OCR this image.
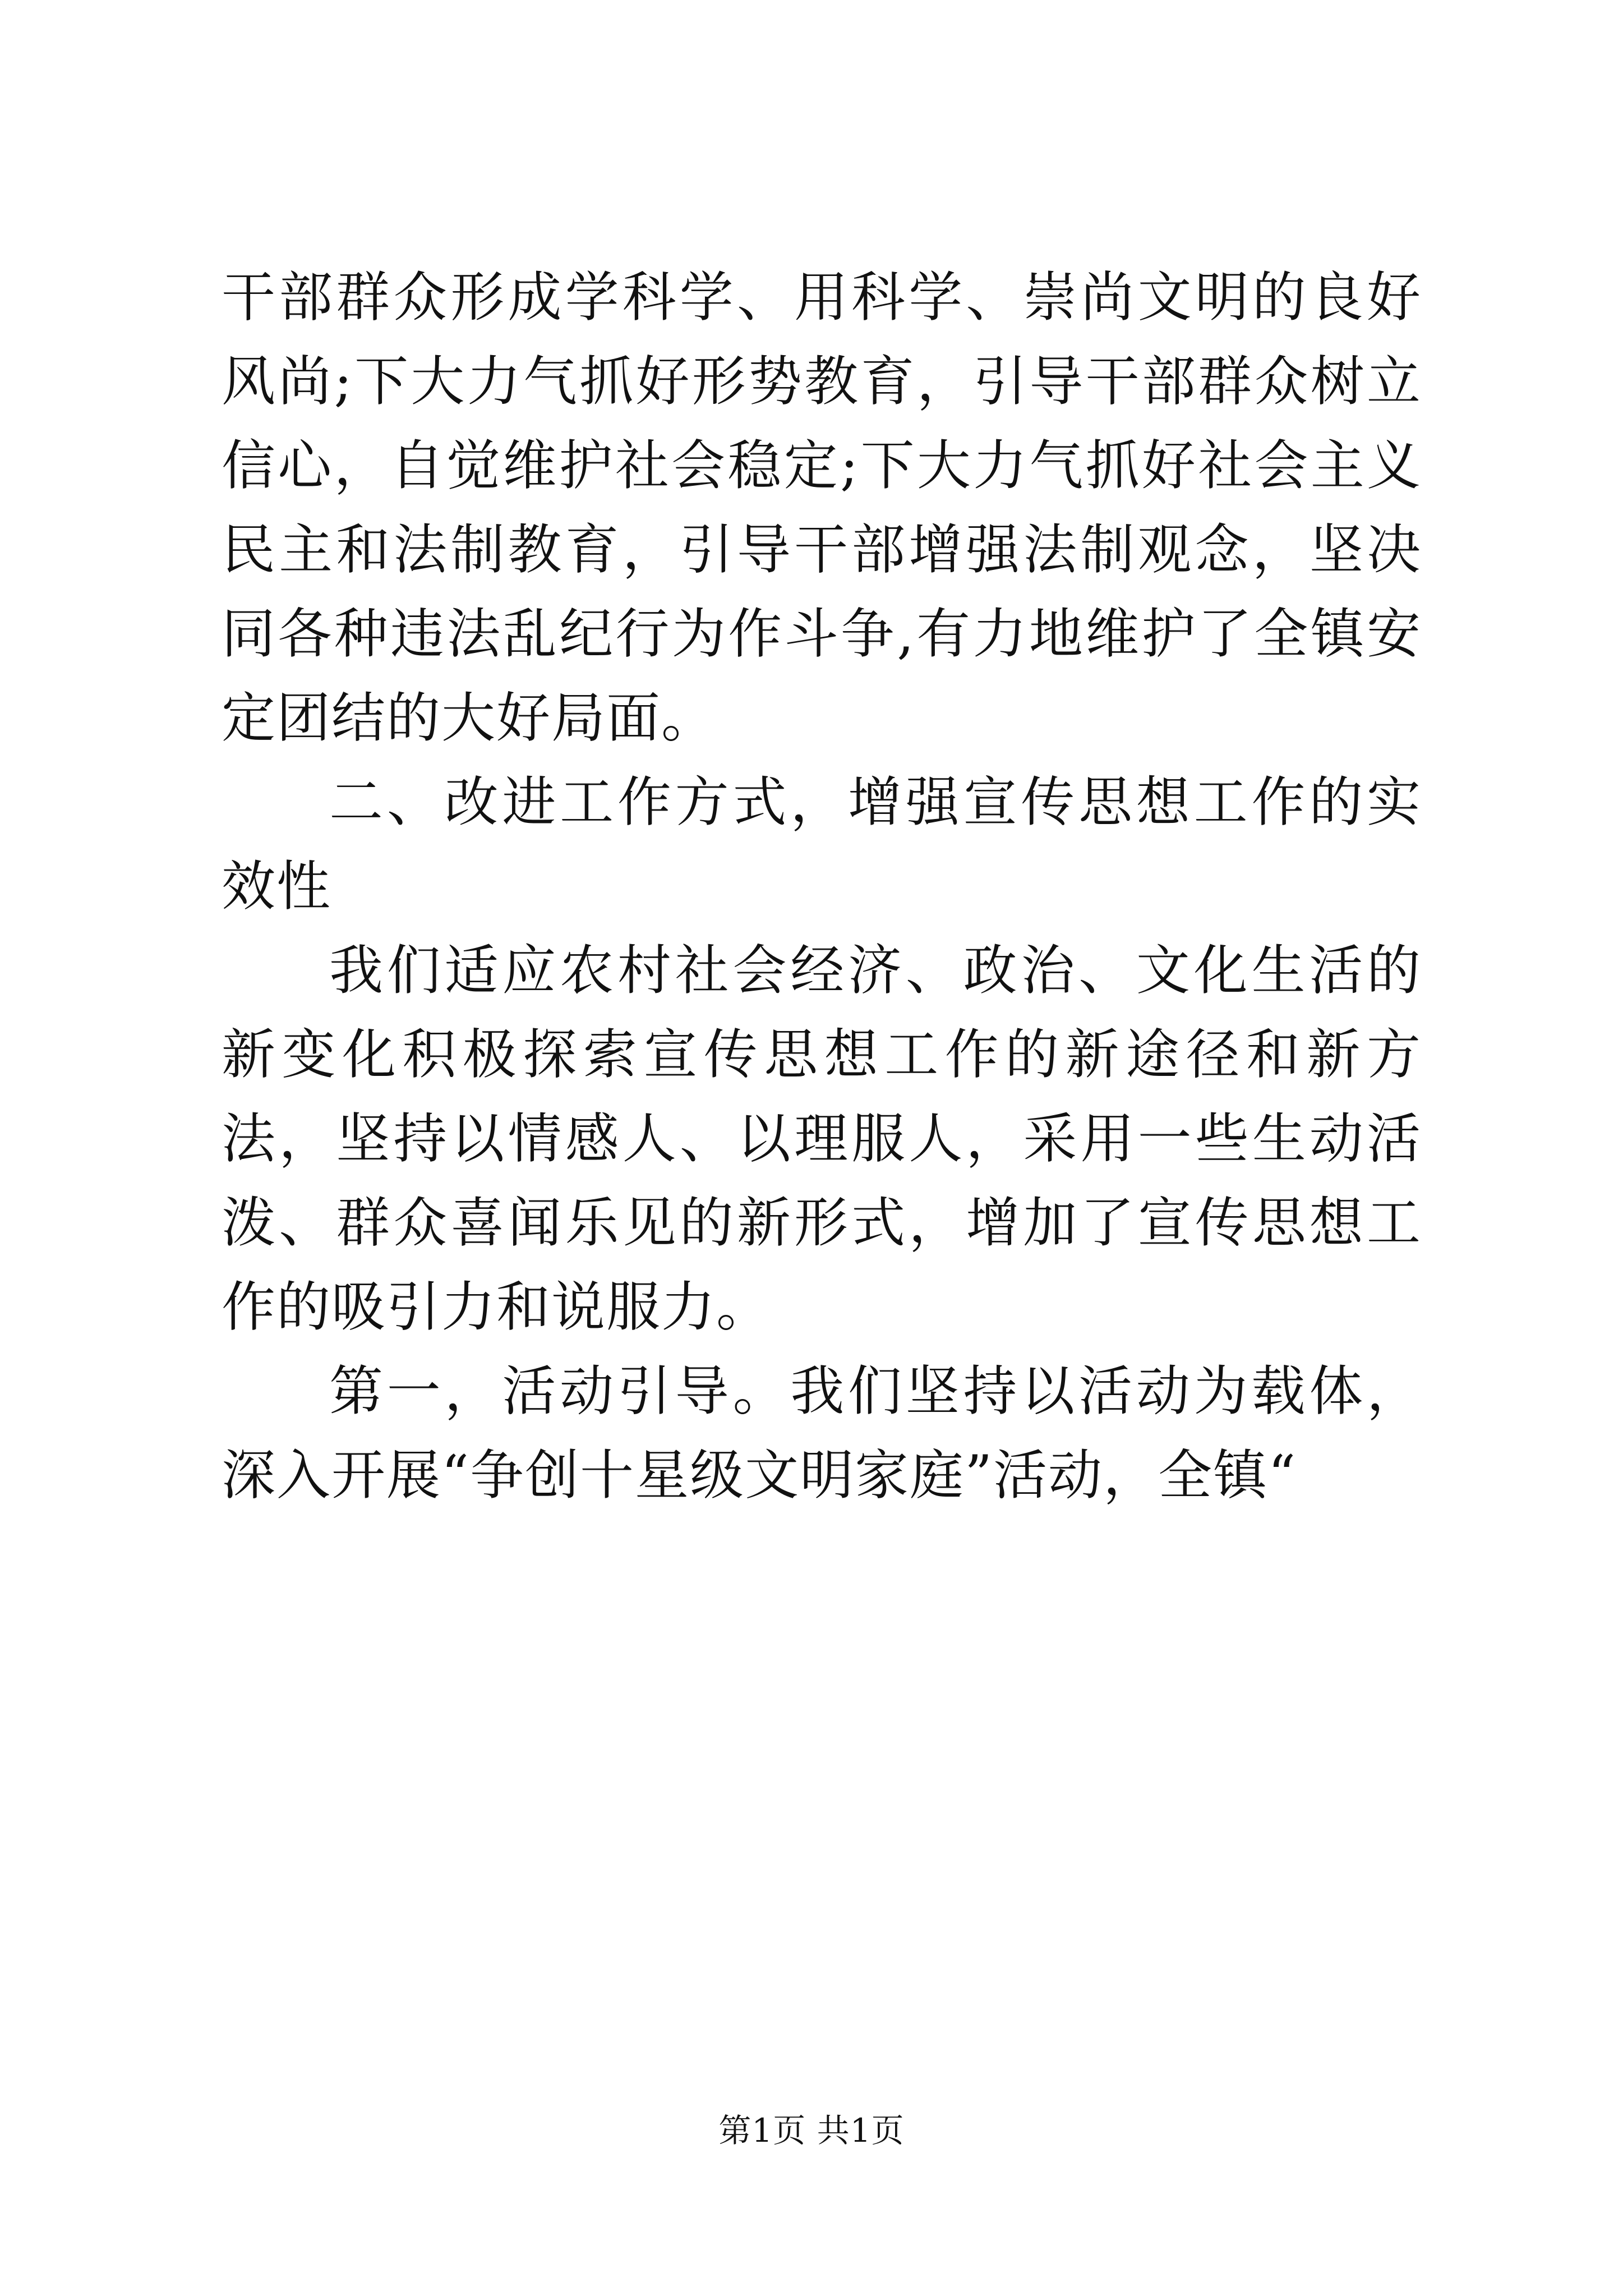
干部群众形成学科学、用科学、崇尚文明的良好风尚;下大力气抓好形势教育，引导干部群众树立信心，自觉维护社会稳定;下大力气抓好社会主义民主和法制教育，引导干部增强法制观念，坚决同各种违法乱纪行为作斗争,有力地维护了全镇安定团结的大好局面。

二、改进工作方式，增强宣传思想工作的实效性

我们适应农村社会经济、政治、文化生活的新变化积极探索宣传思想工作的新途径和新方法，坚持以情感人、以理服人，采用一些生动活泼、群众喜闻乐见的新形式，增加了宣传思想工作的吸引力和说服力。

第一，活动引导。我们坚持以活动为载体，深入开展“争创十星级文明家庭”活动，全镇“

第1页 共1页
